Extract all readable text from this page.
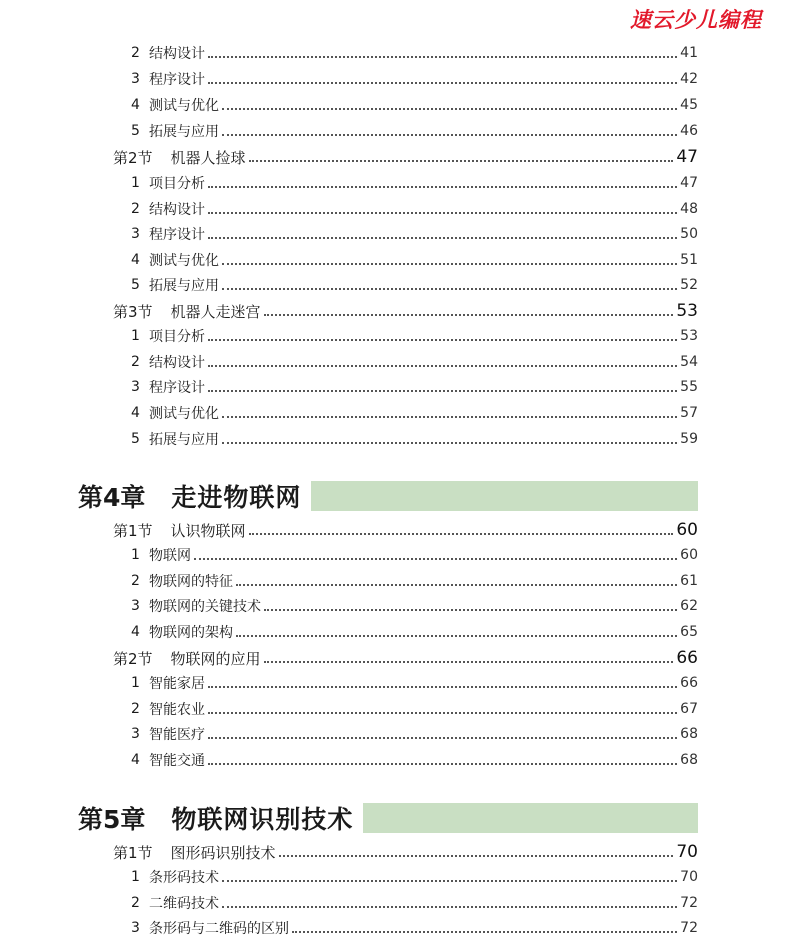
速云少儿编程
2 结构设计	41
3 程序设计	42
4 测试与优化	45
5 拓展与应用	46
第2节 机器人捡球	47
1 项目分析	47
2 结构设计	48
3 程序设计	50
4 测试与优化	51
5 拓展与应用	52
第3节 机器人走迷宫	53
1 项目分析	53
2 结构设计	54
3 程序设计	55
4 测试与优化	57
5 拓展与应用	59
第4章 走进物联网
第1节 认识物联网	60
1 物联网	60
2 物联网的特征	61
3 物联网的关键技术	62
4 物联网的架构	65
第2节 物联网的应用	66
1 智能家居	66
2 智能农业	67
3 智能医疗	68
4 智能交通	68
第5章 物联网识别技术
第1节 图形码识别技术	70
1 条形码技术	70
2 二维码技术	72
3 条形码与二维码的区别	72
